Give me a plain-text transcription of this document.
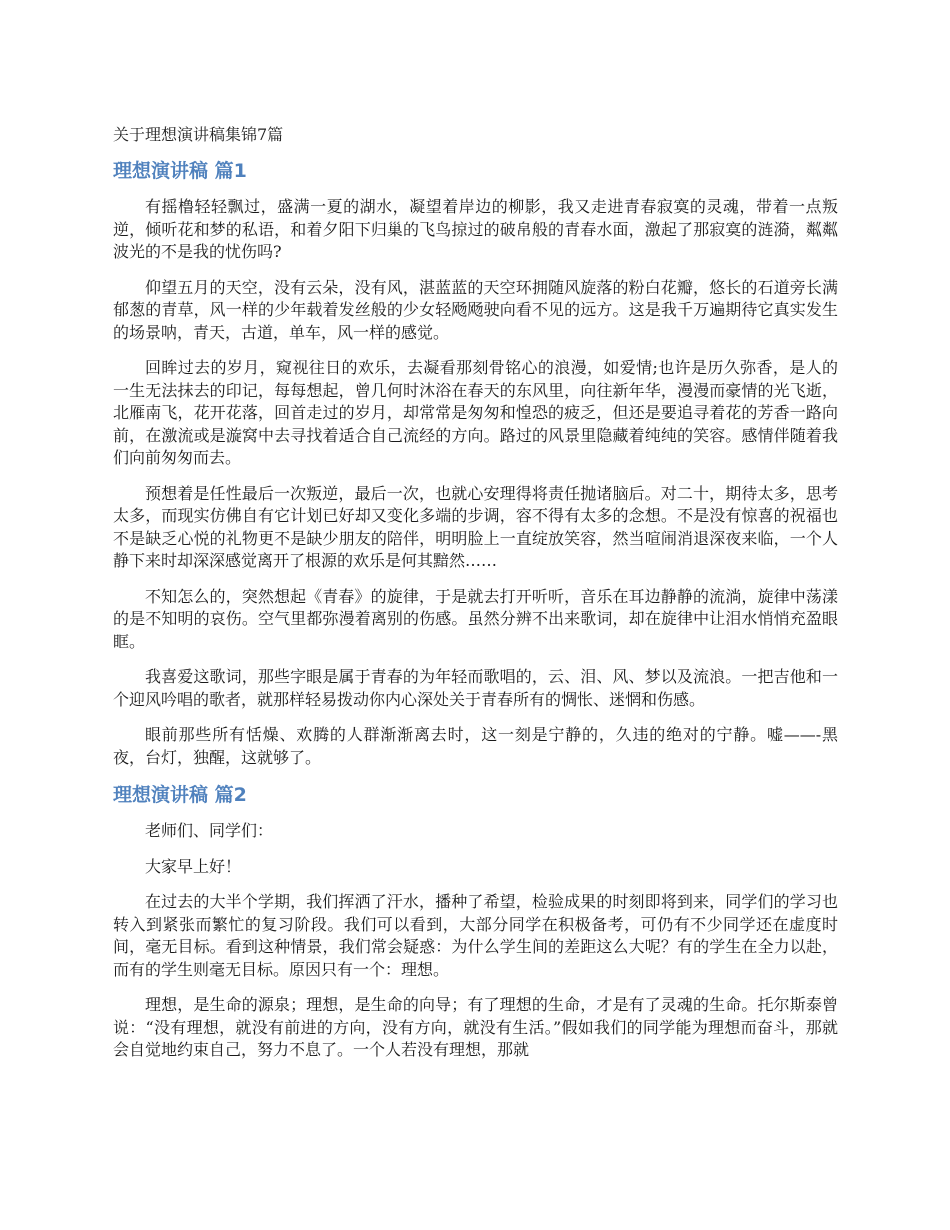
关于理想演讲稿集锦7篇
理想演讲稿 篇1

有摇橹轻轻飘过，盛满一夏的湖水，凝望着岸边的柳影，我又走进青春寂寞的灵魂，带着一点叛逆，倾听花和梦的私语，和着夕阳下归巢的飞鸟掠过的破帛般的青春水面，激起了那寂寞的涟漪，粼粼波光的不是我的忧伤吗?

仰望五月的天空，没有云朵，没有风，湛蓝蓝的天空环拥随风旋落的粉白花瓣，悠长的石道旁长满郁葱的青草，风一样的少年载着发丝般的少女轻飏飏驶向看不见的远方。这是我千万遍期待它真实发生的场景呐，青天，古道，单车，风一样的感觉。

回眸过去的岁月，窥视往日的欢乐，去凝看那刻骨铭心的浪漫，如爱情;也许是历久弥香，是人的一生无法抹去的印记，每每想起，曾几何时沐浴在春天的东风里，向往新年华，漫漫而豪情的光飞逝，北雁南飞，花开花落，回首走过的岁月，却常常是匆匆和惶恐的疲乏，但还是要追寻着花的芳香一路向前，在激流或是漩窝中去寻找着适合自己流经的方向。路过的风景里隐藏着纯纯的笑容。感情伴随着我们向前匆匆而去。

预想着是任性最后一次叛逆，最后一次，也就心安理得将责任抛诸脑后。对二十，期待太多，思考太多，而现实仿佛自有它计划已好却又变化多端的步调，容不得有太多的念想。不是没有惊喜的祝福也不是缺乏心悦的礼物更不是缺少朋友的陪伴，明明脸上一直绽放笑容，然当喧闹消退深夜来临，一个人静下来时却深深感觉离开了根源的欢乐是何其黯然……

不知怎么的，突然想起《青春》的旋律，于是就去打开听听，音乐在耳边静静的流淌，旋律中荡漾的是不知明的哀伤。空气里都弥漫着离别的伤感。虽然分辨不出来歌词，却在旋律中让泪水悄悄充盈眼眶。

我喜爱这歌词，那些字眼是属于青春的为年轻而歌唱的，云、泪、风、梦以及流浪。一把吉他和一个迎风吟唱的歌者，就那样轻易拨动你内心深处关于青春所有的惆怅、迷惘和伤感。

眼前那些所有恬燥、欢腾的人群渐渐离去时，这一刻是宁静的，久违的绝对的宁静。嘘——-黑夜，台灯，独醒，这就够了。

理想演讲稿 篇2

老师们、同学们：

大家早上好！

在过去的大半个学期，我们挥洒了汗水，播种了希望，检验成果的时刻即将到来，同学们的学习也转入到紧张而繁忙的复习阶段。我们可以看到，大部分同学在积极备考，可仍有不少同学还在虚度时间，毫无目标。看到这种情景，我们常会疑惑：为什么学生间的差距这么大呢？有的学生在全力以赴，而有的学生则毫无目标。原因只有一个：理想。

理想，是生命的源泉；理想，是生命的向导；有了理想的生命，才是有了灵魂的生命。托尔斯泰曾说：“没有理想，就没有前进的方向，没有方向，就没有生活。”假如我们的同学能为理想而奋斗，那就会自觉地约束自己，努力不息了。一个人若没有理想，那就
